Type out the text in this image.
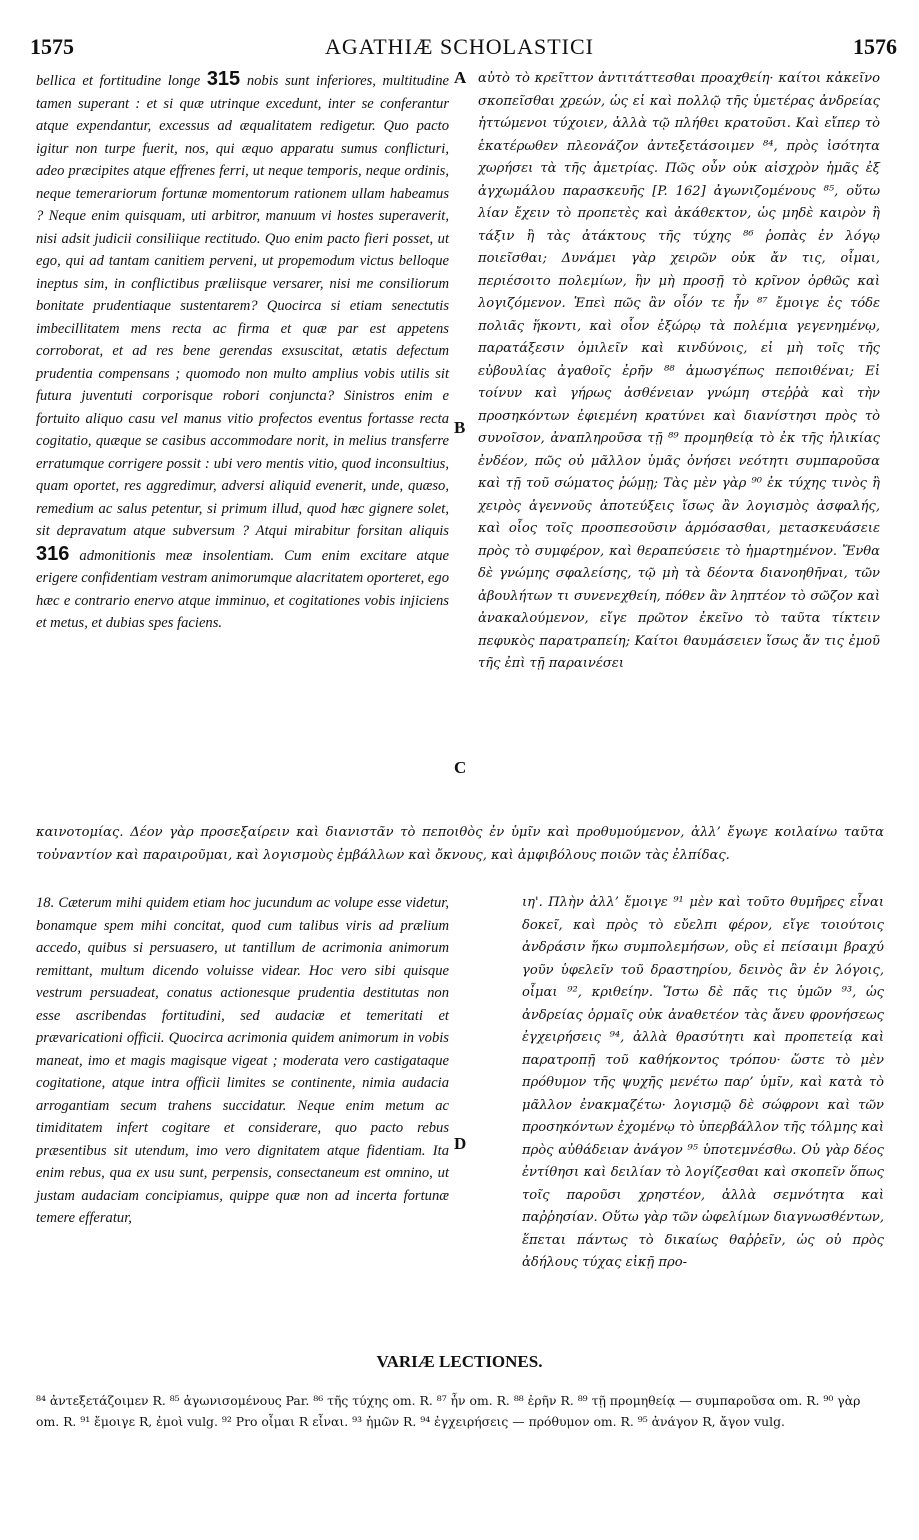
1575	AGATHIÆ SCHOLASTICI	1576
bellica et fortitudine longe 315 nobis sunt inferiores, multitudine tamen superant : et si quæ utrinque excedunt, inter se conferantur atque expendantur, excessus ad æqualitatem redigetur. Quo pacto igitur non turpe fuerit, nos, qui æquo apparatu sumus conflicturi, adeo præcipites atque effrenes ferri, ut neque temporis, neque ordinis, neque temerariorum fortunæ momentorum rationem ullam habeamus ? Neque enim quisquam, uti arbitror, manuum vi hostes superaverit, nisi adsit judicii consiliique rectitudo. Quo enim pacto fieri posset, ut ego, qui ad tantam canitiem perveni, ut propemodum victus belloque ineptus sim, in conflictibus præliisque versarer, nisi me consiliorum bonitate prudentiaque sustentarem? Quocirca si etiam senectutis imbecillitatem mens recta ac firma et quæ par est appetens corroborat, et ad res bene gerendas exsuscitat, ætatis defectum prudentia compensans ; quomodo non multo amplius vobis utilis sit futura juventuti corporisque robori conjuncta? Sinistros enim e fortuito aliquo casu vel manus vitio profectos eventus fortasse recta cogitatio, quæque se casibus accommodare norit, in melius transferre erratumque corrigere possit : ubi vero mentis vitio, quod inconsultius, quam oportet, res aggredimur, adversi aliquid evenerit, unde, quæso, remedium ac salus petentur, si primum illud, quod hæc gignere solet, sit depravatum atque subversum ? Atqui mirabitur forsitan aliquis 316 admonitionis meæ insolentiam. Cum enim excitare atque erigere confidentiam vestram animorumque alacritatem oporteret, ego hæc e contrario enervo atque imminuo, et cogitationes vobis injiciens et metus, et dubias spes faciens.
A
B
C
D
αὐτὸ τὸ κρεῖττον ἀντιτάττεσθαι προαχθείη· καίτοι κἀκεῖνο σκοπεῖσθαι χρεών, ὡς εἰ καὶ πολλῷ τῆς ὑμετέρας ἀνδρείας ἡττώμενοι τύχοιεν, ἀλλὰ τῷ πλήθει κρατοῦσι. Καὶ εἴπερ τὸ ἑκατέρωθεν πλεονάζον ἀντεξετάσοιμεν ⁸⁴, πρὸς ἰσότητα χωρήσει τὰ τῆς ἀμετρίας. Πῶς οὖν οὐκ αἰσχρὸν ἡμᾶς ἐξ ἀγχωμάλου παρασκευῆς [P. 162] ἀγωνιζομένους ⁸⁵, οὕτω λίαν ἔχειν τὸ προπετὲς καὶ ἀκάθεκτον, ὡς μηδὲ καιρὸν ἢ τάξιν ἢ τὰς ἀτάκτους τῆς τύχης ⁸⁶ ῥοπὰς ἐν λόγῳ ποιεῖσθαι; Δυνάμει γὰρ χειρῶν οὐκ ἄν τις, οἶμαι, περιέσοιτο πολεμίων, ἢν μὴ προσῇ τὸ κρῖνον ὀρθῶς καὶ λογιζόμενον. Ἐπεὶ πῶς ἂν οἷόν τε ἦν ⁸⁷ ἔμοιγε ἐς τόδε πολιᾶς ἥκοντι, καὶ οἷον ἐξώρῳ τὰ πολέμια γεγενημένῳ, παρατάξεσιν ὁμιλεῖν καὶ κινδύνοις, εἰ μὴ τοῖς τῆς εὐβουλίας ἀγαθοῖς ἐρῆν ⁸⁸ ἀμωσγέπως πεποιθέναι; Εἰ τοίνυν καὶ γήρως ἀσθένειαν γνώμη στεῤῥὰ καὶ τὴν προσηκόντων ἐφιεμένη κρατύνει καὶ διανίστησι πρὸς τὸ συνοῖσον, ἀναπληροῦσα τῇ ⁸⁹ προμηθείᾳ τὸ ἐκ τῆς ἡλικίας ἐνδέον, πῶς οὐ μᾶλλον ὑμᾶς ὀνήσει νεότητι συμπαροῦσα καὶ τῇ τοῦ σώματος ῥώμῃ; Τὰς μὲν γὰρ ⁹⁰ ἐκ τύχης τινὸς ἢ χειρὸς ἀγεννοῦς ἀποτεύξεις ἴσως ἂν λογισμὸς ἀσφαλής, καὶ οἷος τοῖς προσπεσοῦσιν ἁρμόσασθαι, μετασκευάσειε πρὸς τὸ συμφέρον, καὶ θεραπεύσειε τὸ ἡμαρτημένον. Ἔνθα δὲ γνώμης σφαλείσης, τῷ μὴ τὰ δέοντα διανοηθῆναι, τῶν ἀβουλήτων τι συνενεχθείη, πόθεν ἂν ληπτέον τὸ σῶζον καὶ ἀνακαλούμενον, εἴγε πρῶτον ἐκεῖνο τὸ ταῦτα τίκτειν πεφυκὸς παρατραπείη; Καίτοι θαυμάσειεν ἴσως ἄν τις ἐμοῦ τῆς ἐπὶ τῇ παραινέσει
καινοτομίας. Δέον γὰρ προσεξαίρειν καὶ διανιστᾶν τὸ πεποιθὸς ἐν ὑμῖν καὶ προθυμούμενον, ἀλλ’ ἔγωγε κοιλαίνω ταῦτα τοὐναντίον καὶ παραιροῦμαι, καὶ λογισμοὺς ἐμβάλλων καὶ ὄκνους, καὶ ἀμφιβόλους ποιῶν τὰς ἐλπίδας.
18. Cæterum mihi quidem etiam hoc jucundum ac volupe esse videtur, bonamque spem mihi concitat, quod cum talibus viris ad prælium accedo, quibus si persuasero, ut tantillum de acrimonia animorum remittant, multum dicendo voluisse videar. Hoc vero sibi quisque vestrum persuadeat, conatus actionesque prudentia destitutas non esse ascribendas fortitudini, sed audaciæ et temeritati et prævaricationi officii. Quocirca acrimonia quidem animorum in vobis maneat, imo et magis magisque vigeat ; moderata vero castigataque cogitatione, atque intra officii limites se continente, nimia audacia arrogantiam secum trahens succidatur. Neque enim metum ac timiditatem infert cogitare et considerare, quo pacto rebus præsentibus sit utendum, imo vero dignitatem atque fidentiam. Ita enim rebus, qua ex usu sunt, perpensis, consectaneum est omnino, ut justam audaciam concipiamus, quippe quæ non ad incerta fortunæ temere efferatur,
ιη'. Πλὴν ἀλλ’ ἔμοιγε ⁹¹ μὲν καὶ τοῦτο θυμῆρες εἶναι δοκεῖ, καὶ πρὸς τὸ εὔελπι φέρον, εἴγε τοιούτοις ἀνδράσιν ἥκω συμπολεμήσων, οὓς εἰ πείσαιμι βραχύ γοῦν ὑφελεῖν τοῦ δραστηρίου, δεινὸς ἂν ἐν λόγοις, οἶμαι ⁹², κριθείην. Ἴστω δὲ πᾶς τις ὑμῶν ⁹³, ὡς ἀνδρείας ὁρμαῖς οὐκ ἀναθετέον τὰς ἄνευ φρονήσεως ἐγχειρήσεις ⁹⁴, ἀλλὰ θρασύτητι καὶ προπετείᾳ καὶ παρατροπῇ τοῦ καθήκοντος τρόπου· ὥστε τὸ μὲν πρόθυμον τῆς ψυχῆς μενέτω παρ’ ὑμῖν, καὶ κατὰ τὸ μᾶλλον ἐνακμαζέτω· λογισμῷ δὲ σώφρονι καὶ τῶν προσηκόντων ἐχομένῳ τὸ ὑπερβάλλον τῆς τόλμης καὶ πρὸς αὐθάδειαν ἀνάγον ⁹⁵ ὑποτεμνέσθω. Οὐ γὰρ δέος ἐντίθησι καὶ δειλίαν τὸ λογίζεσθαι καὶ σκοπεῖν ὅπως τοῖς παροῦσι χρηστέον, ἀλλὰ σεμνότητα καὶ παῤῥησίαν. Οὕτω γὰρ τῶν ὠφελίμων διαγνωσθέντων, ἕπεται πάντως τὸ δικαίως θαῤῥεῖν, ὡς οὐ πρὸς ἀδήλους τύχας εἰκῇ προ-
VARIÆ LECTIONES.
⁸⁴ ἀντεξετάζοιμεν R. ⁸⁵ ἀγωνισομένους Par. ⁸⁶ τῆς τύχης om. R. ⁸⁷ ἦν om. R. ⁸⁸ ἐρῆν R. ⁸⁹ τῇ προμηθείᾳ — συμπαροῦσα om. R. ⁹⁰ γὰρ om. R. ⁹¹ ἔμοιγε R, ἐμοὶ vulg. ⁹² Pro οἶμαι R εἶναι. ⁹³ ἡμῶν R. ⁹⁴ ἐγχειρήσεις — πρόθυμον om. R. ⁹⁵ ἀνάγον R, ἄγον vulg.
